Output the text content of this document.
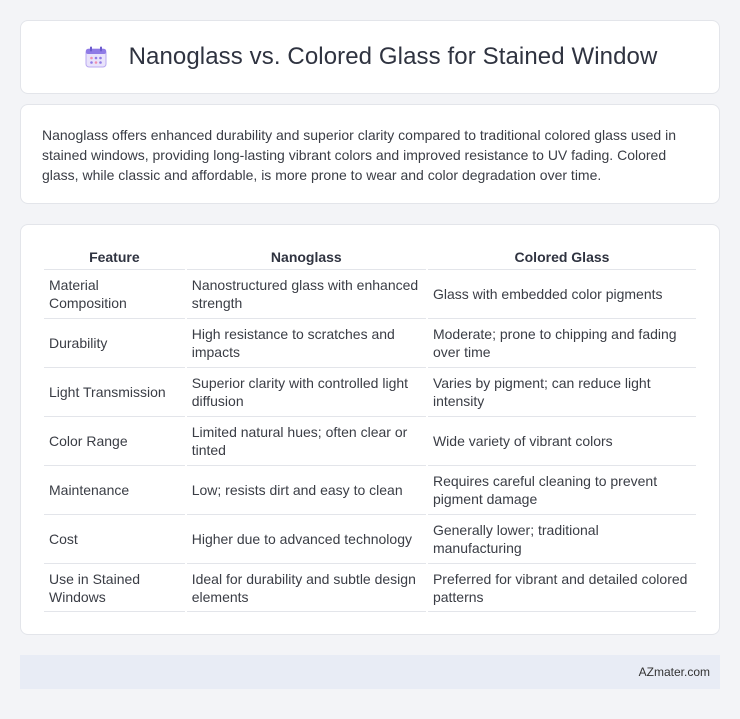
Nanoglass vs. Colored Glass for Stained Window

Nanoglass offers enhanced durability and superior clarity compared to traditional colored glass used in stained windows, providing long-lasting vibrant colors and improved resistance to UV fading. Colored glass, while classic and affordable, is more prone to wear and color degradation over time.

Feature	Nanoglass	Colored Glass
Material Composition	Nanostructured glass with enhanced strength	Glass with embedded color pigments
Durability	High resistance to scratches and impacts	Moderate; prone to chipping and fading over time
Light Transmission	Superior clarity with controlled light diffusion	Varies by pigment; can reduce light intensity
Color Range	Limited natural hues; often clear or tinted	Wide variety of vibrant colors
Maintenance	Low; resists dirt and easy to clean	Requires careful cleaning to prevent pigment damage
Cost	Higher due to advanced technology	Generally lower; traditional manufacturing
Use in Stained Windows	Ideal for durability and subtle design elements	Preferred for vibrant and detailed colored patterns
AZmater.com
